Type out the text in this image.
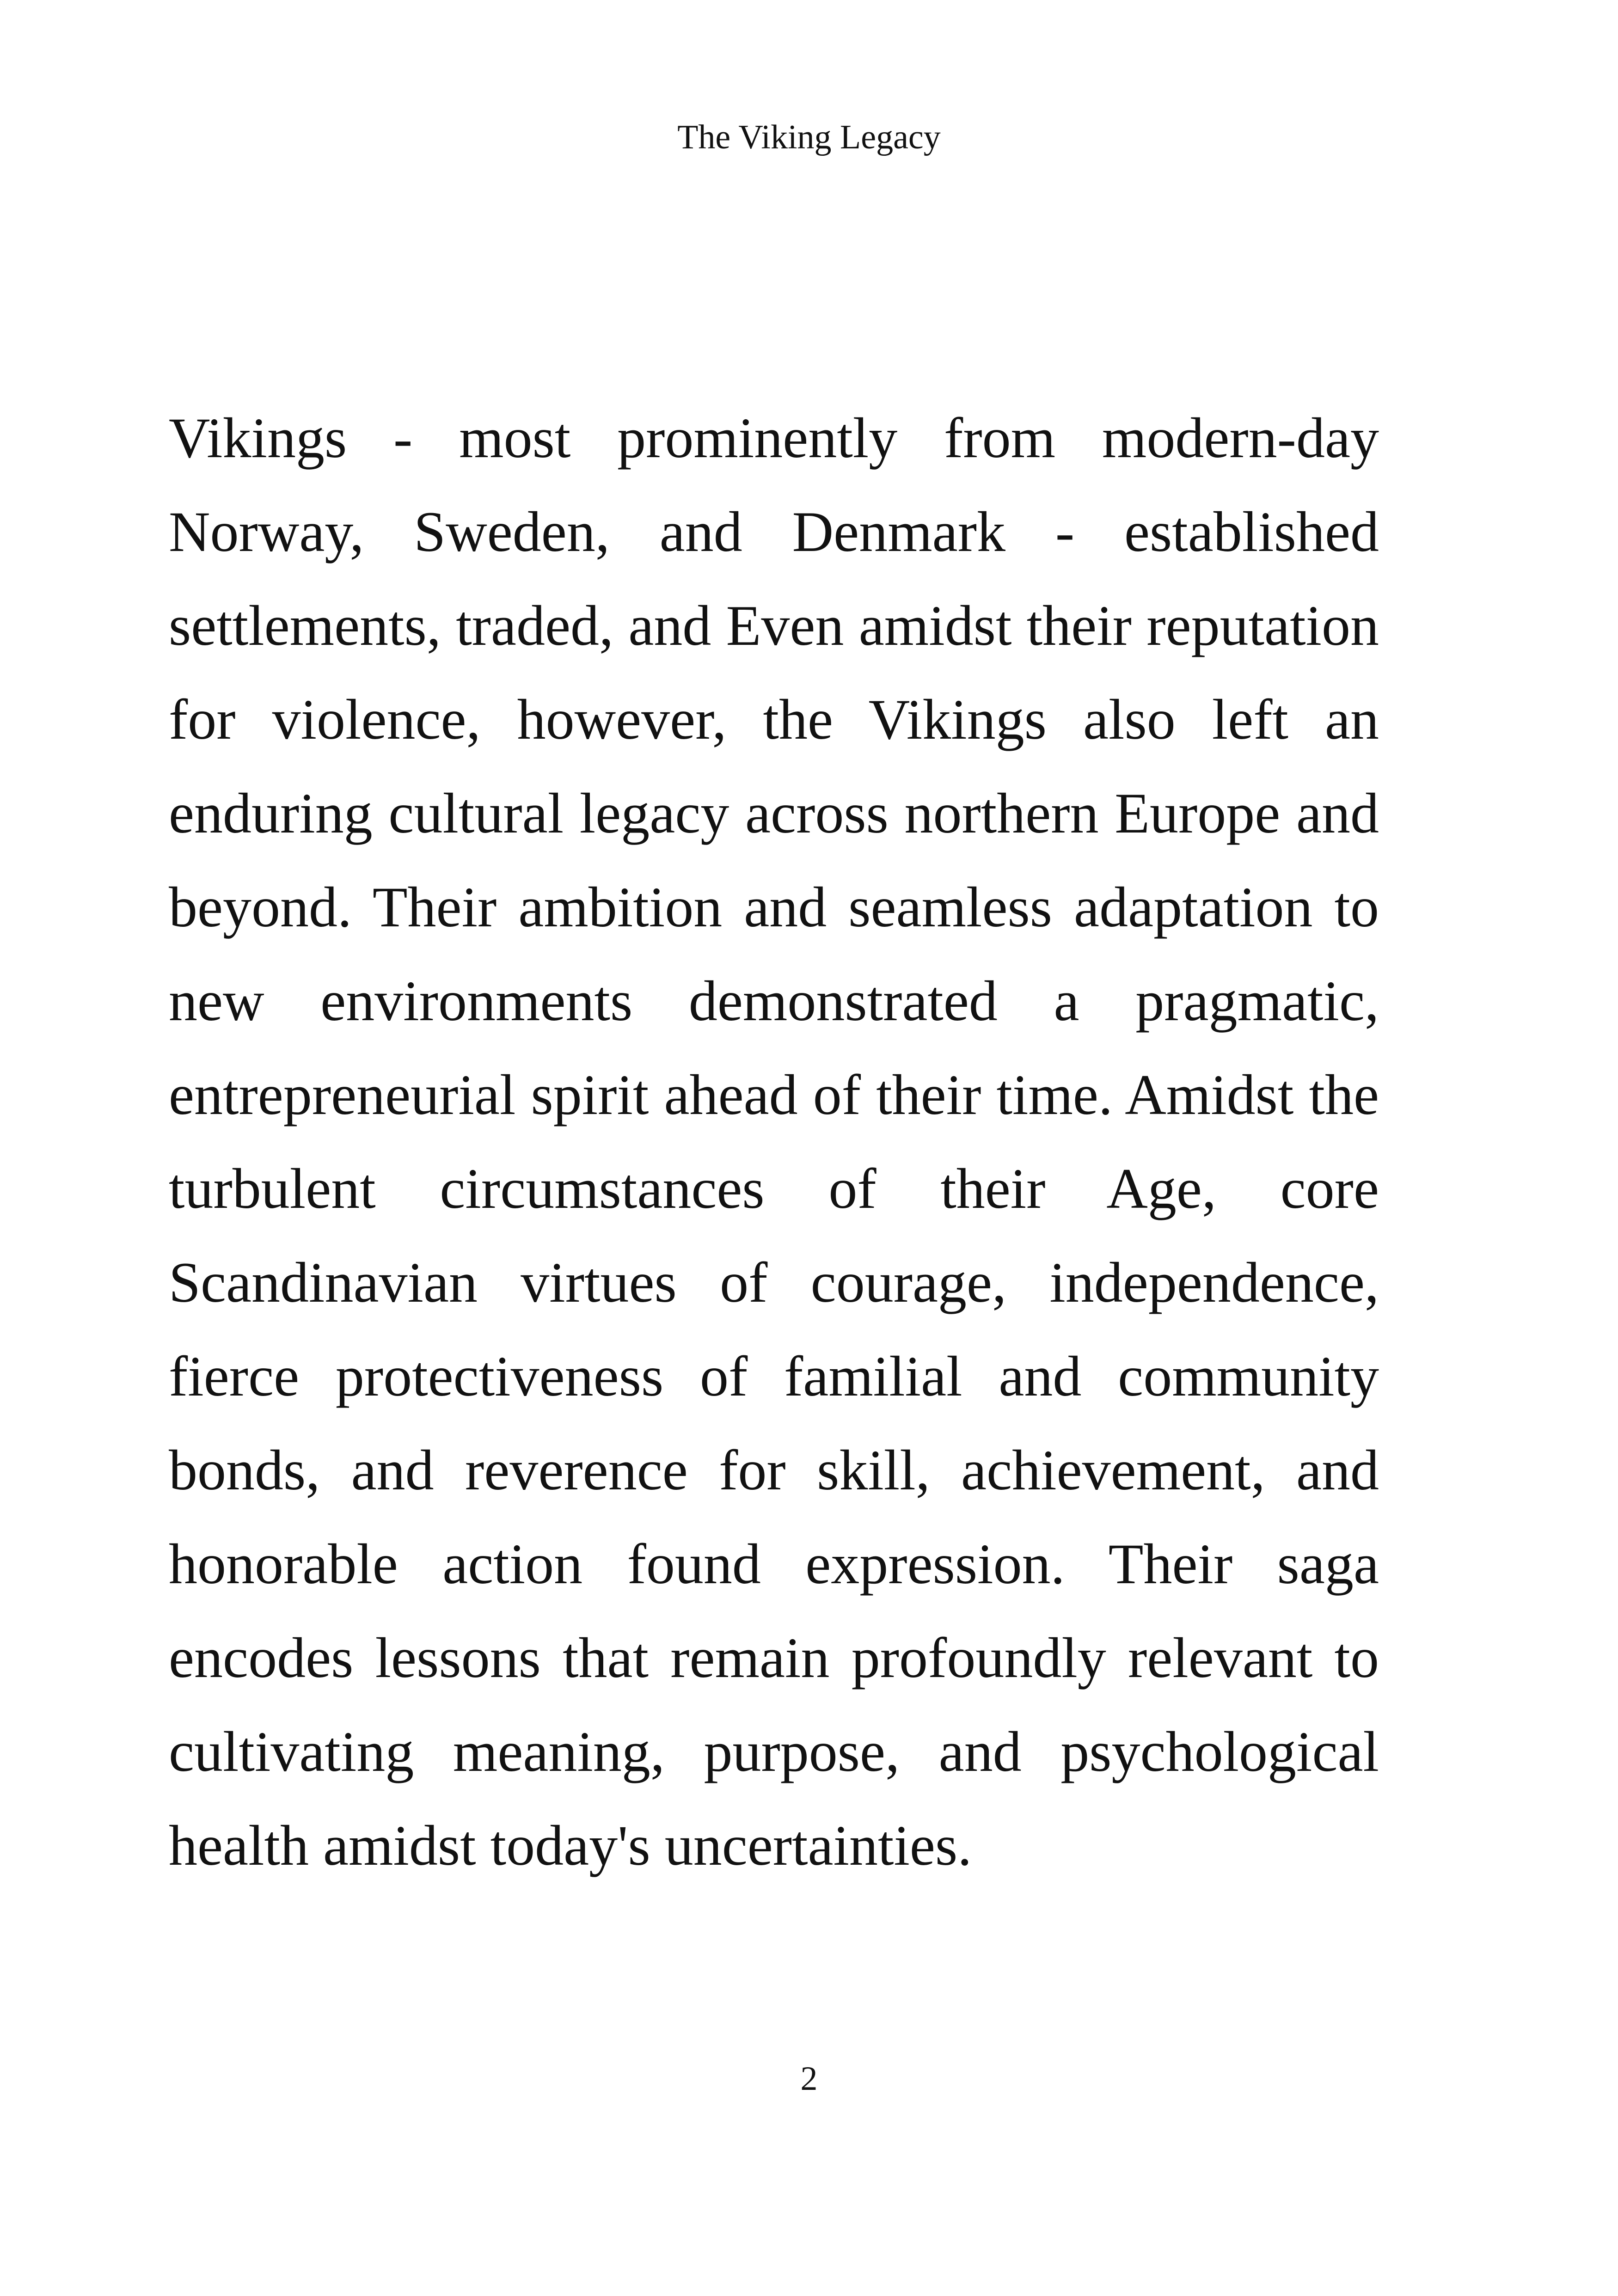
The Viking Legacy

Vikings - most prominently from modern-day Norway, Sweden, and Denmark - established settlements, traded, and Even amidst their reputation for violence, however, the Vikings also left an enduring cultural legacy across northern Europe and beyond. Their ambition and seamless adaptation to new environments demonstrated a pragmatic, entrepreneurial spirit ahead of their time. Amidst the turbulent circumstances of their Age, core Scandinavian virtues of courage, independence, fierce protectiveness of familial and community bonds, and reverence for skill, achievement, and honorable action found expression. Their saga encodes lessons that remain profoundly relevant to cultivating meaning, purpose, and psychological health amidst today's uncertainties.

2
